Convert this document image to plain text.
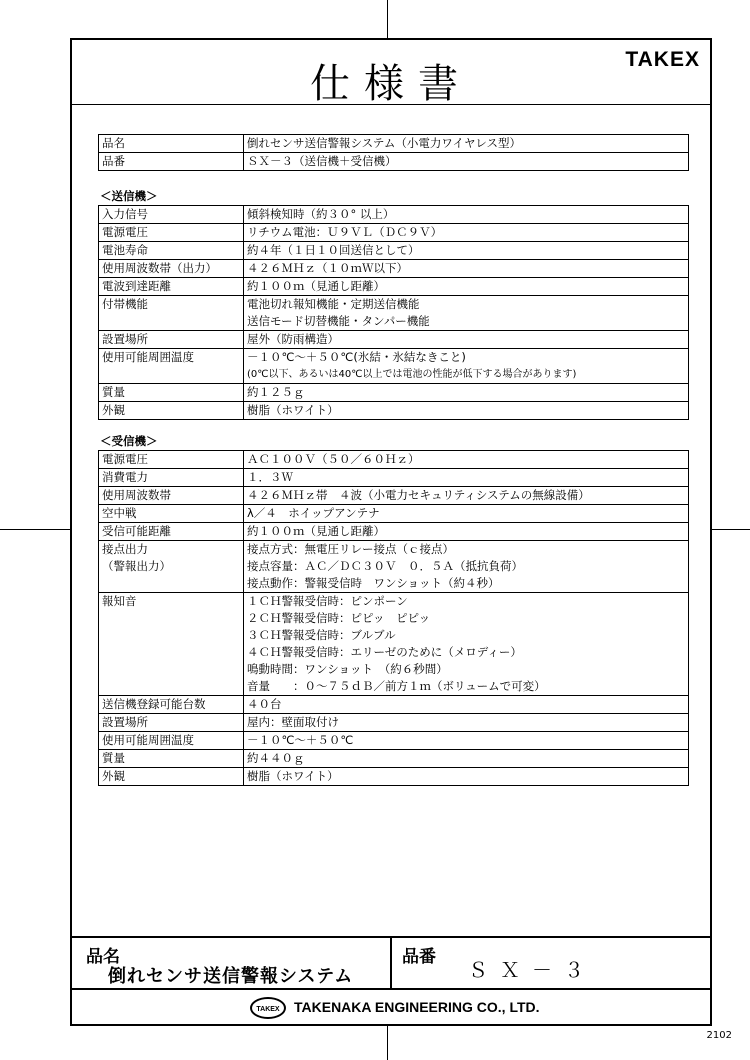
仕様書
TAKEX
品名	倒れセンサ送信警報システム（小電力ワイヤレス型）

品番	ＳＸ－３（送信機＋受信機）
＜送信機＞
入力信号	傾斜検知時（約３０° 以上）

電源電圧	リチウム電池：Ｕ９ＶＬ（ＤＣ９Ｖ）

電池寿命	約４年（１日１０回送信として）

使用周波数帯（出力）	４２６ＭＨｚ（１０ｍＷ以下）

電波到達距離	約１００ｍ（見通し距離）

付帯機能	電池切れ報知機能・定期送信機能
	送信モード切替機能・タンパー機能

設置場所	屋外（防雨構造）

使用可能周囲温度	－１０℃～＋５０℃(氷結・氷結なきこと)
	(0℃以下、あるいは40℃以上では電池の性能が低下する場合があります)

質量	約１２５ｇ

外観	樹脂（ホワイト）
＜受信機＞
電源電圧	ＡＣ１００Ｖ（５０／６０Ｈｚ）

消費電力	１．３Ｗ

使用周波数帯	４２６ＭＨｚ帯　４波（小電力セキュリティシステムの無線設備）

空中戦	λ／４　ホイップアンテナ

受信可能距離	約１００ｍ（見通し距離）

接点出力
（警報出力）	接点方式：無電圧リレー接点（ｃ接点）
	接点容量：ＡＣ／ＤＣ３０Ｖ　０．５Ａ（抵抗負荷）
	接点動作：警報受信時　ワンショット（約４秒）

報知音	１ＣＨ警報受信時：ピンポーン
	２ＣＨ警報受信時：ピピッ　ピピッ
	３ＣＨ警報受信時：ブルブル
	４ＣＨ警報受信時：エリーゼのために（メロディー）
	鳴動時間：ワンショット　（約６秒間）
	音量　　：０～７５ｄＢ／前方１ｍ（ボリュームで可変）

送信機登録可能台数	４０台

設置場所	屋内：壁面取付け

使用可能周囲温度	－１０℃～＋５０℃

質量	約４４０ｇ

外観	樹脂（ホワイト）
品名
倒れセンサ送信警報システム
品番
ＳＸ－３
TAKEX	TAKENAKA ENGINEERING CO., LTD.
2102
